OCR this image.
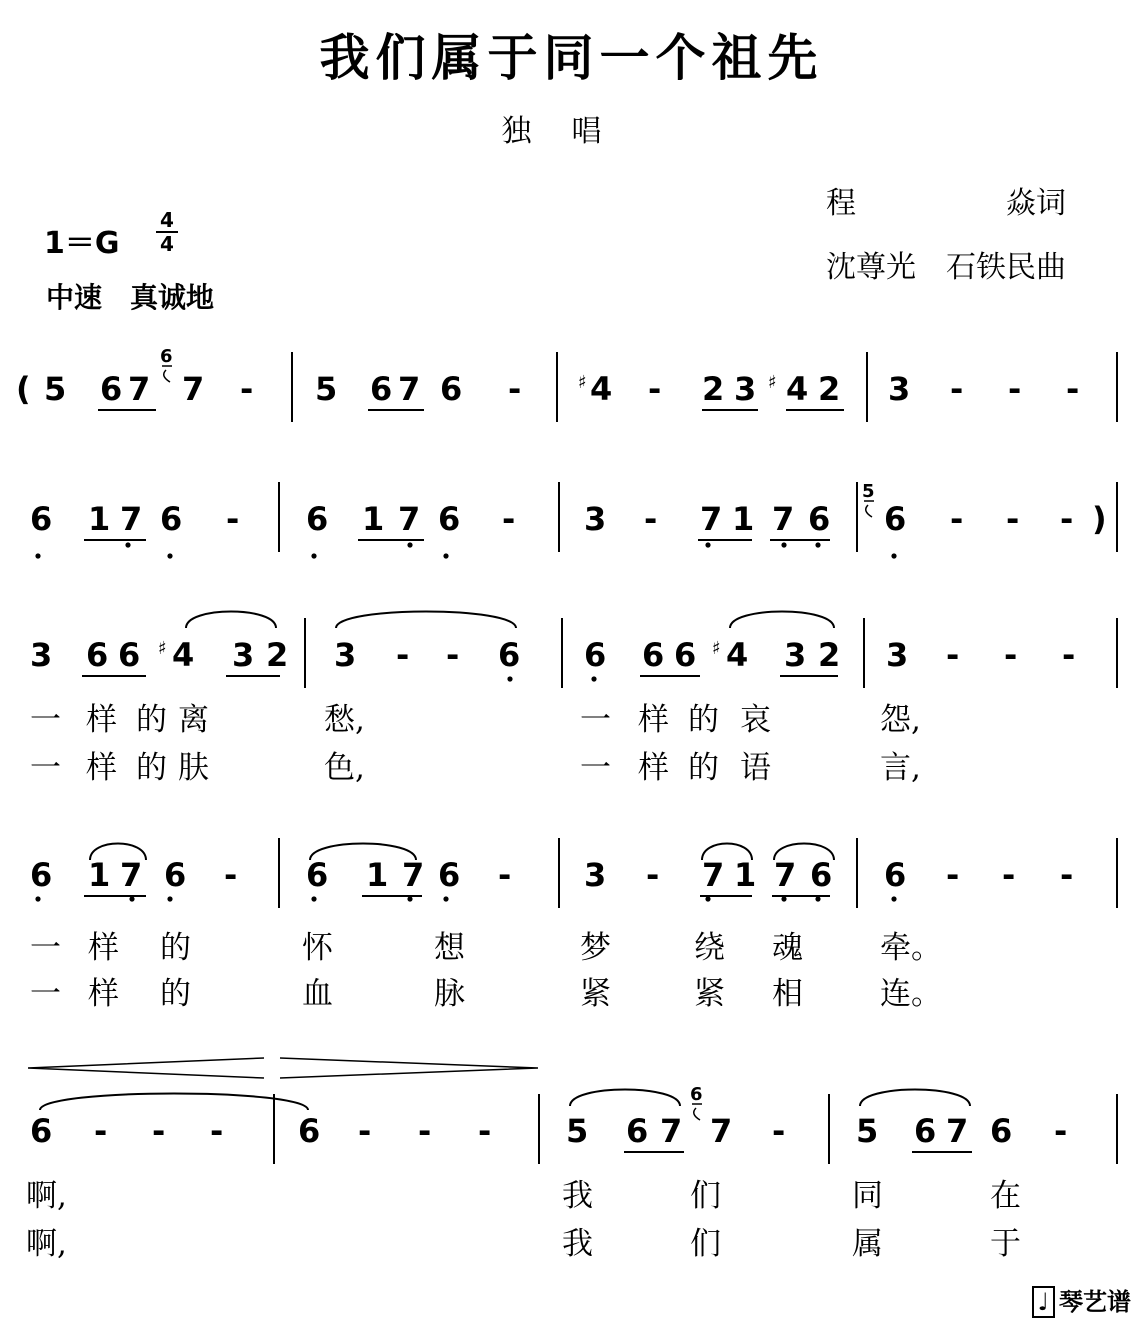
我们属于同一个祖先
独唱
程　　　　　焱词
沈尊光　石铁民曲
1＝G
4
4
中速　真诚地
( 5 6 7 7 - 5 6 7 6 -	♯ 4 - 2 3 ♯ 4 2 3 - - -
6
6 1 7 6 - 6 1 7 6 - 3 - 7 1 7 6 6 - - - )
5
3 6 6 ♯ 4 3 2 3 - - 6 6 6 6 ♯ 4 3 2 3 - - -
一 样 的 离	愁,	一 样 的 哀	怨,
一 样 的 肤	色,	一 样 的 语	言,
6 1 7 6 - 6 1 7 6 - 3 - 7 1 7 6 6 - - -
一 样 的	怀	想	梦	绕 魂 牵。
一 样 的	血	脉	紧	紧 相 连。
6 - - - 6 - - - 5 6 7 7 - 5 6 7 6 -
6
啊,	我	们	同	在
啊,	我	们	属	于
♩ 琴艺谱
